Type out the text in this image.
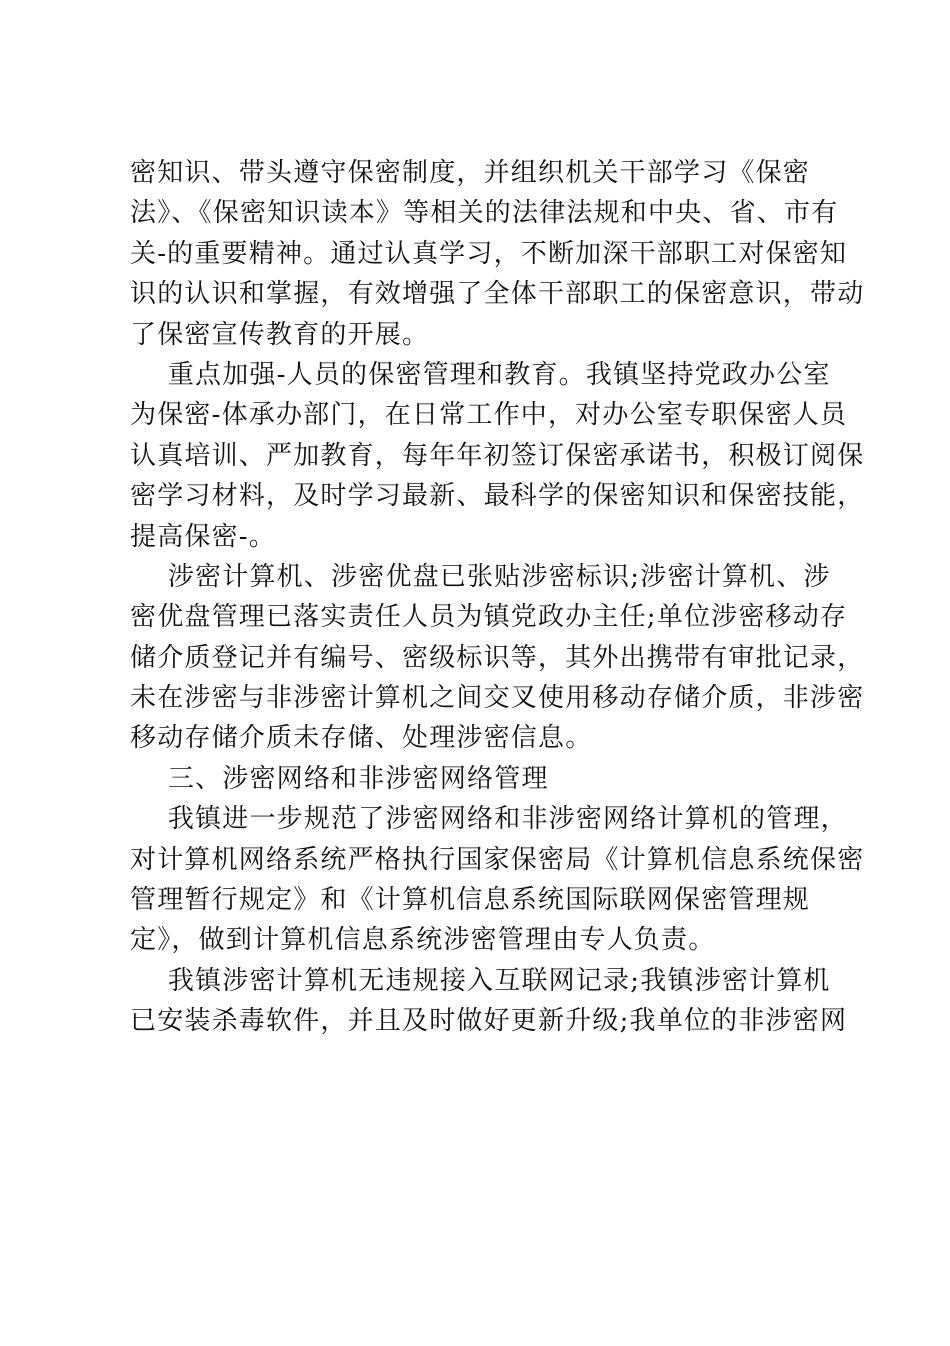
密知识、带头遵守保密制度，并组织机关干部学习《保密
法》、《保密知识读本》等相关的法律法规和中央、省、市有
关-的重要精神。通过认真学习，不断加深干部职工对保密知
识的认识和掌握，有效增强了全体干部职工的保密意识，带动
了保密宣传教育的开展。
重点加强-人员的保密管理和教育。我镇坚持党政办公室
为保密-体承办部门，在日常工作中，对办公室专职保密人员
认真培训、严加教育，每年年初签订保密承诺书，积极订阅保
密学习材料，及时学习最新、最科学的保密知识和保密技能，
提高保密-。
涉密计算机、涉密优盘已张贴涉密标识;涉密计算机、涉
密优盘管理已落实责任人员为镇党政办主任;单位涉密移动存
储介质登记并有编号、密级标识等，其外出携带有审批记录，
未在涉密与非涉密计算机之间交叉使用移动存储介质，非涉密
移动存储介质未存储、处理涉密信息。
三、涉密网络和非涉密网络管理
我镇进一步规范了涉密网络和非涉密网络计算机的管理，
对计算机网络系统严格执行国家保密局《计算机信息系统保密
管理暂行规定》和《计算机信息系统国际联网保密管理规
定》，做到计算机信息系统涉密管理由专人负责。
我镇涉密计算机无违规接入互联网记录;我镇涉密计算机
已安装杀毒软件，并且及时做好更新升级;我单位的非涉密网
